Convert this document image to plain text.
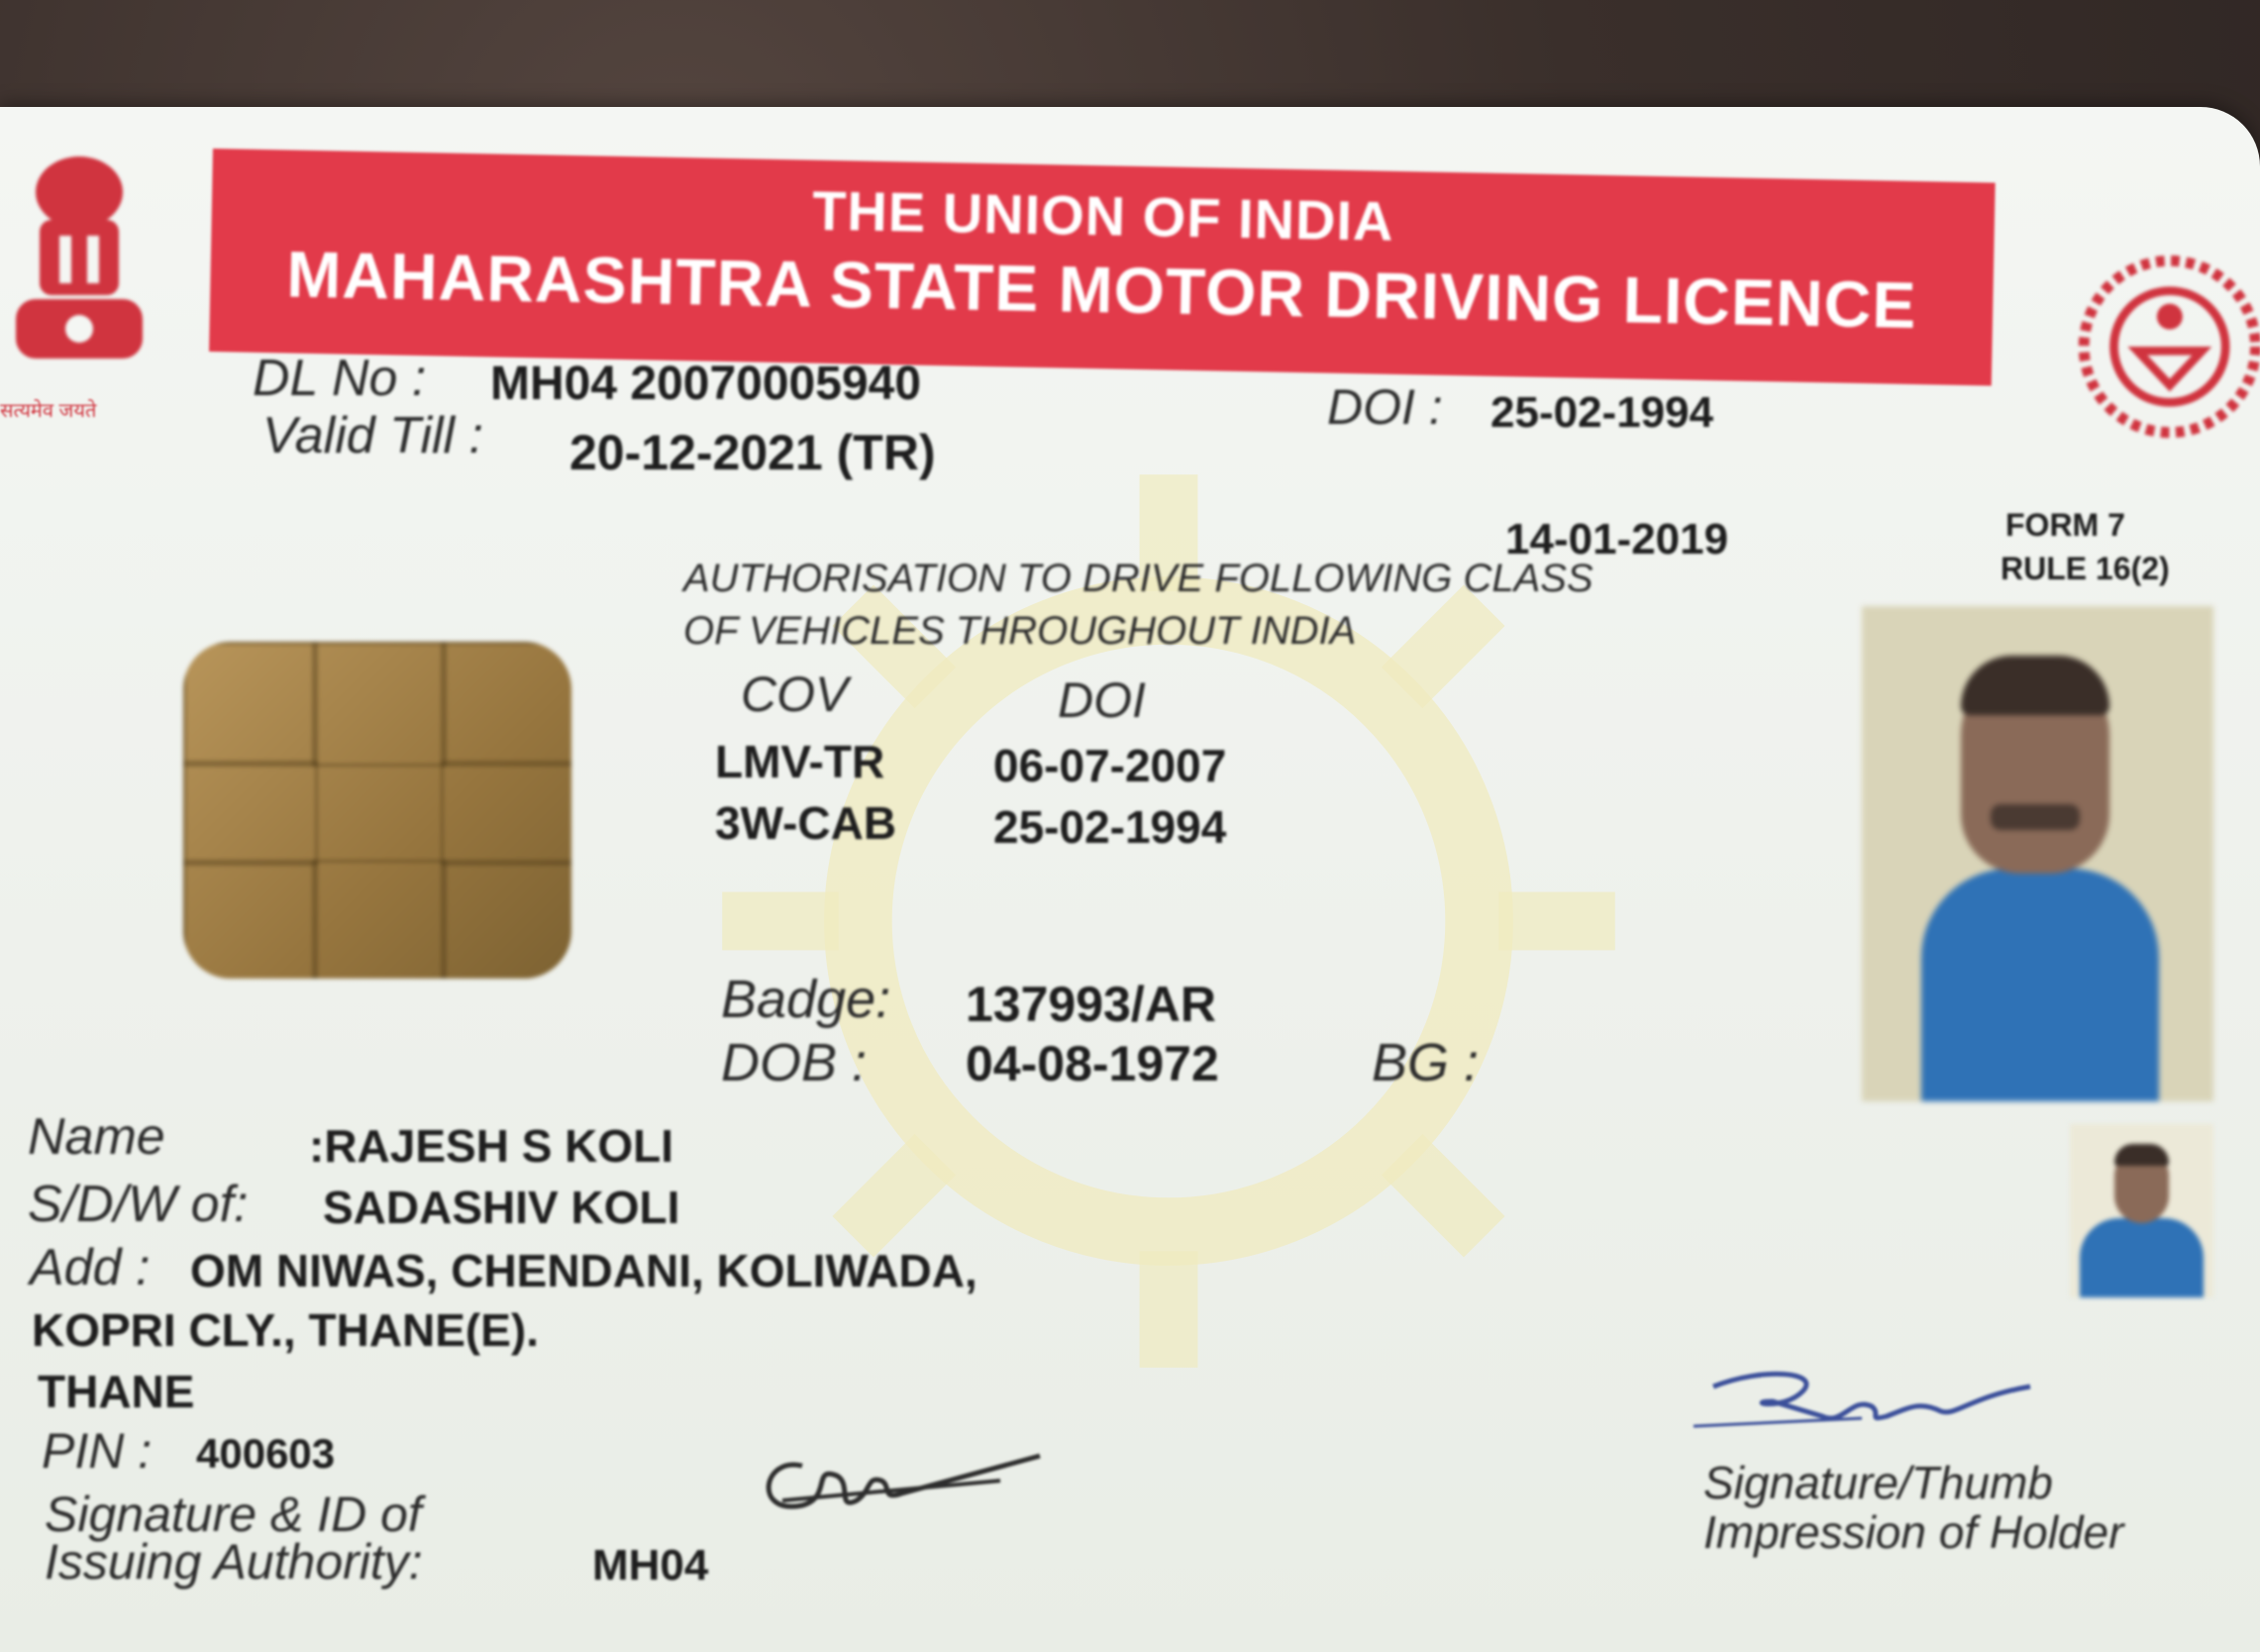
सत्यमेव जयते
THE UNION OF INDIA
MAHARASHTRA STATE MOTOR DRIVING LICENCE
DL No : MH04 20070005940
Valid Till : 20-12-2021 (TR)
DOI : 25-02-1994
14-01-2019	FORM 7
RULE 16(2)
AUTHORISATION TO DRIVE FOLLOWING CLASS
OF VEHICLES THROUGHOUT INDIA
COV	DOI
LMV-TR 06-07-2007
3W-CAB 25-02-1994
Badge: 137993/AR
DOB : 04-08-1972	BG :
Name	:RAJESH S KOLI
S/D/W of: SADASHIV KOLI
Add : OM NIWAS, CHENDANI, KOLIWADA,
KOPRI CLY., THANE(E).
THANE
PIN : 400603
Signature & ID of
Issuing Authority:	MH04
Signature/Thumb
Impression of Holder
